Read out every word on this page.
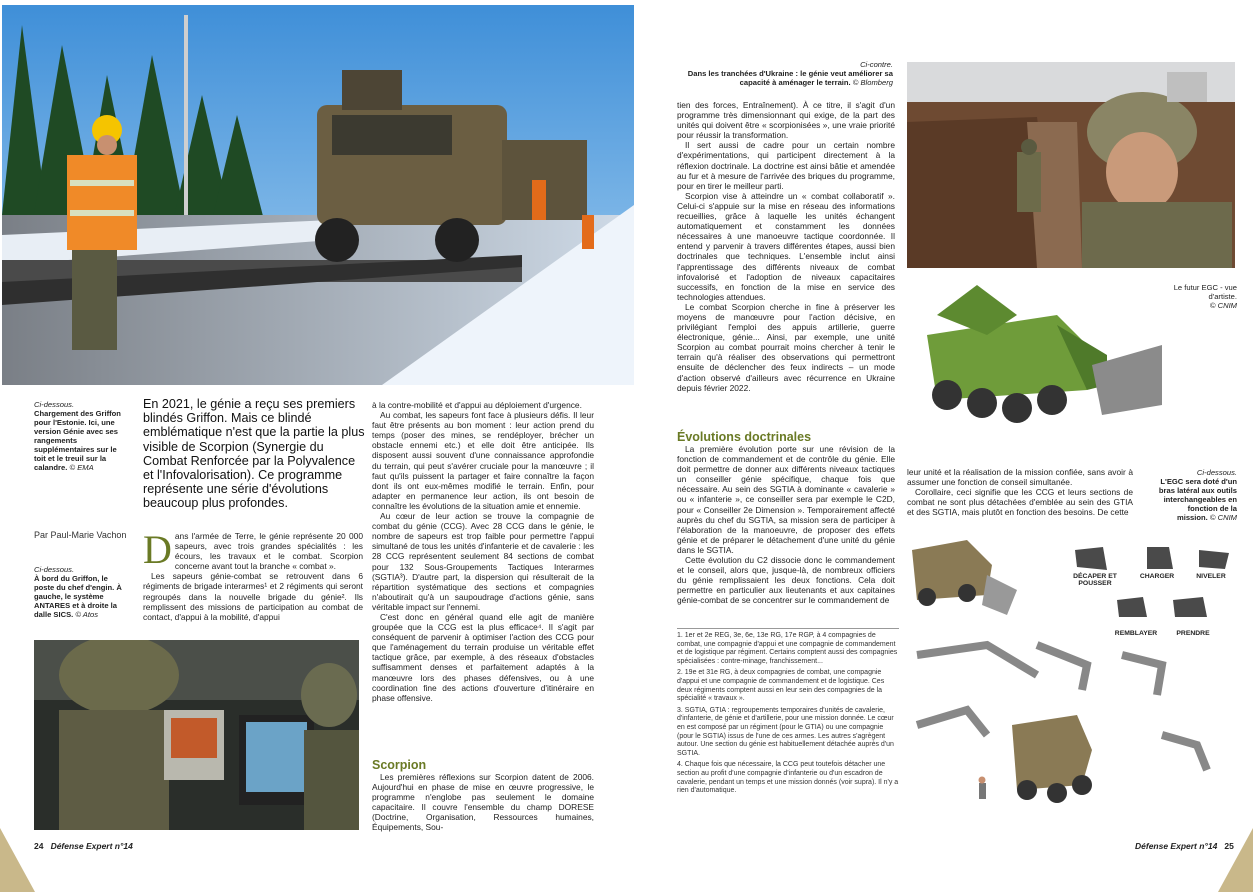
Ci-dessous.
Chargement des Griffon pour l'Estonie. Ici, une version Génie avec ses rangements supplémentaires sur le toit et le treuil sur la calandre. © EMA
En 2021, le génie a reçu ses premiers blindés Griffon. Mais ce blindé emblématique n'est que la partie la plus visible de Scorpion (Synergie du Combat Renforcée par la Polyvalence et l'Infovalorisation). Ce programme représente une série d'évolutions beaucoup plus profondes.
Par Paul-Marie Vachon
Ci-dessous.
À bord du Griffon, le poste du chef d'engin. À gauche, le système ANTARES et à droite la dalle SICS. © Atos
D ans l'armée de Terre, le génie représente 20 000 sapeurs, avec trois grandes spécialités : les écours, les travaux et le combat. Scorpion concerne avant tout la branche « combat ».

Les sapeurs génie-combat se retrouvent dans 6 régiments de brigade interarmes¹ et 2 régiments qui seront regroupés dans la nouvelle brigade du génie². Ils remplissent des missions de participation au combat de contact, d'appui à la mobilité, d'appui

à la contre-mobilité et d'appui au déploiement d'urgence.

Au combat, les sapeurs font face à plusieurs défis. Il leur faut être présents au bon moment : leur action prend du temps (poser des mines, se rendéployer, brécher un obstacle ennemi etc.) et elle doit être anticipée. Ils disposent aussi souvent d'une connaissance approfondie du terrain, qui peut s'avérer cruciale pour la manœuvre ; il faut qu'ils puissent la partager et faire connaître la façon dont ils ont eux-mêmes modifié le terrain. Enfin, pour adapter en permanence leur action, ils ont besoin de connaître les évolutions de la situation amie et ennemie.

Au cœur de leur action se trouve la compagnie de combat du génie (CCG). Avec 28 CCG dans le génie, le nombre de sapeurs est trop faible pour permettre l'appui simultané de tous les unités d'infanterie et de cavalerie : les 28 CCG représentent seulement 84 sections de combat pour 132 Sous-Groupements Tactiques Interarmes (SGTIA³). D'autre part, la dispersion qui résulterait de la répartition systématique des sections et compagnies n'aboutirait qu'à un saupoudrage d'actions génie, sans véritable impact sur l'ennemi.

C'est donc en général quand elle agit de manière groupée que la CCG est la plus efficace⁴. Il s'agit par conséquent de parvenir à optimiser l'action des CCG pour que l'aménagement du terrain produise un véritable effet tactique grâce, par exemple, à des réseaux d'obstacles suffisamment denses et parfaitement adaptés à la manœuvre lors des phases défensives, ou à une coordination fine des actions d'ouverture d'itinéraire en phase offensive.

Scorpion

Les premières réflexions sur Scorpion datent de 2006. Aujourd'hui en phase de mise en œuvre progressive, le programme n'englobe pas seulement le domaine capacitaire. Il couvre l'ensemble du champ DORESE (Doctrine, Organisation, Ressources humaines, Équipements, Sou-

24 Défense Expert n°14
Ci-contre.
Dans les tranchées d'Ukraine : le génie veut améliorer sa capacité à aménager le terrain. © Blomberg

tien des forces, Entraînement). À ce titre, il s'agit d'un programme très dimensionnant qui exige, de la part des unités qui doivent être « scorpionisées », une vraie priorité pour réussir la transformation.

Il sert aussi de cadre pour un certain nombre d'expérimentations, qui participent directement à la réflexion doctrinale. La doctrine est ainsi bâtie et amendée au fur et à mesure de l'arrivée des briques du programme, pour en tirer le meilleur parti.

Scorpion vise à atteindre un « combat collaboratif ». Celui-ci s'appuie sur la mise en réseau des informations recueillies, grâce à laquelle les unités échangent automatiquement et constamment les données nécessaires à une manoeuvre tactique coordonnée. Il entend y parvenir à travers différentes étapes, aussi bien doctrinales que techniques. L'ensemble inclut ainsi l'apprentissage des différents niveaux de combat infovalorisé et l'adoption de niveaux capacitaires successifs, en fonction de la mise en service des technologies attendues.

Le combat Scorpion cherche in fine à préserver les moyens de manœuvre pour l'action décisive, en privilégiant l'emploi des appuis artillerie, guerre électronique, génie... Ainsi, par exemple, une unité Scorpion au combat pourrait moins chercher à tenir le terrain qu'à réaliser des observations qui permettront ensuite de déclencher des feux indirects – un mode d'action observé d'ailleurs avec récurrence en Ukraine depuis février 2022.

Évolutions doctrinales

La première évolution porte sur une révision de la fonction de commandement et de contrôle du génie. Elle doit permettre de donner aux différents niveaux tactiques un conseiller génie spécifique, chaque fois que nécessaire. Au sein des SGTIA à dominante « cavalerie » ou « infanterie », ce conseiller sera par exemple le C2D, pour « Conseiller 2e Dimension ». Temporairement affecté auprès du chef du SGTIA, sa mission sera de participer à l'élaboration de la manoeuvre, de proposer des effets génie et de préparer le détachement d'une unité du génie dans le SGTIA.

Cette évolution du C2 dissocie donc le commandement et le conseil, alors que, jusque-là, de nombreux officiers du génie remplissaient les deux fonctions. Cela doit permettre en particulier aux lieutenants et aux capitaines génie-combat de se concentrer sur le commandement de

leur unité et la réalisation de la mission confiée, sans avoir à assumer une fonction de conseil simultanée.

Corollaire, ceci signifie que les CCG et leurs sections de combat ne sont plus détachées d'emblée au sein des GTIA et des SGTIA, mais plutôt en fonction des besoins. De cette

1. 1er et 2e REG, 3e, 6e, 13e RG, 17e RGP, à 4 compagnies de combat, une compagnie d'appui et une compagnie de commandement et de logistique par régiment. Certains comptent aussi des compagnies spécialisées : contre-minage, franchissement...

2. 19e et 31e RG, à deux compagnies de combat, une compagnie d'appui et une compagnie de commandement et de logistique. Ces deux régiments comptent aussi en leur sein des compagnies de la spécialité « travaux ».

3. SGTIA, GTIA : regroupements temporaires d'unités de cavalerie, d'infanterie, de génie et d'artillerie, pour une mission donnée. Le cœur en est composé par un régiment (pour le GTIA) ou une compagnie (pour le SGTIA) issus de l'une de ces armes. Les autres s'agrègent autour. Une section du génie est habituellement détachée auprès d'un SGTIA.

4. Chaque fois que nécessaire, la CCG peut toutefois détacher une section au profit d'une compagnie d'infanterie ou d'un escadron de cavalerie, pendant un temps et une mission donnés (voir supra). Il n'y a rien d'automatique.

Le futur EGC - vue d'artiste.
© CNIM
Ci-dessous.
L'EGC sera doté d'un bras latéral aux outils interchangeables en fonction de la mission. © CNIM
DÉCAPER ET POUSSER
CHARGER	NIVELER
REMBLAYER	PRENDRE
Défense Expert n°14 25
